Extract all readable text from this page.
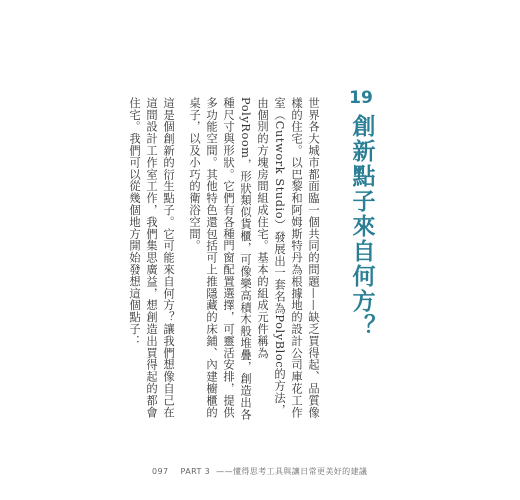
19
創新點子來自何方？

世界各大城市都面臨一個共同的問題——缺乏買得起、品質像樣的住宅。以巴黎和阿姆斯特丹為根據地的設計公司庫花工作室（Cutwork Studio）發展出一套名為PolyBloc的方法，由個別的方塊房間組成住宅。基本的組成元件稱為PolyRoom，形狀類似貨櫃，可像樂高積木般堆疊，創造出各種尺寸與形狀。它們有各種門窗配置選擇，可靈活安排，提供多功能空間。其他特色還包括可上推隱藏的床鋪、內建櫥櫃的桌子，以及小巧的衛浴空間。

這是個創新的衍生點子。它可能來自何方？讓我們想像自己在這間設計工作室工作，我們集思廣益，想創造出買得起的都會住宅。我們可以從幾個地方開始發想這個點子：

097 PART 3 ——懂得思考工具與讓日常更美好的建議
